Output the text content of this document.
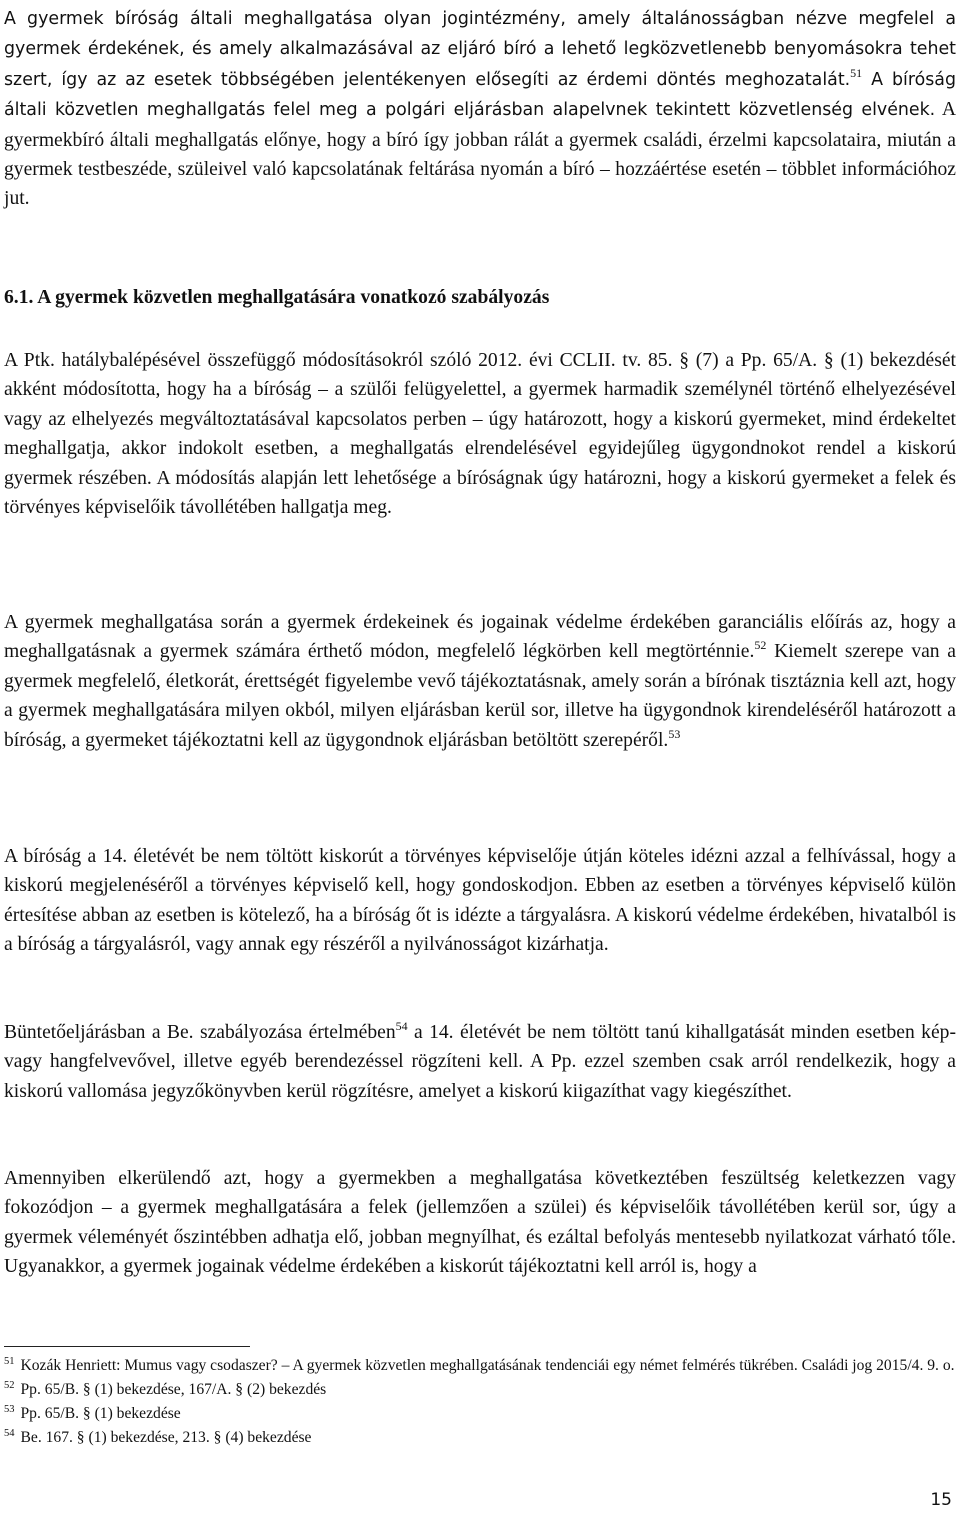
A gyermek bíróság általi meghallgatása olyan jogintézmény, amely általánosságban nézve megfelel a gyermek érdekének, és amely alkalmazásával az eljáró bíró a lehető legközvetlenebb benyomásokra tehet szert, így az az esetek többségében jelentékenyen elősegíti az érdemi döntés meghozatalát.$^{51}$ A bíróság általi közvetlen meghallgatás felel meg a polgári eljárásban alapelvnek tekintett közvetlenség elvének. A gyermekbíró általi meghallgatás előnye, hogy a bíró így jobban rálát a gyermek családi, érzelmi kapcsolataira, miután a gyermek testbeszéde, szüleivel való kapcsolatának feltárása nyomán a bíró – hozzáértése esetén – többlet információhoz jut.

6.1. A gyermek közvetlen meghallgatására vonatkozó szabályozás

A Ptk. hatálybalépésével összefüggő módosításokról szóló 2012. évi CCLII. tv. 85. § (7) a Pp. 65/A. § (1) bekezdését akként módosította, hogy ha a bíróság – a szülői felügyelettel, a gyermek harmadik személynél történő elhelyezésével vagy az elhelyezés megváltoztatásával kapcsolatos perben – úgy határozott, hogy a kiskorú gyermeket, mind érdekeltet meghallgatja, akkor indokolt esetben, a meghallgatás elrendelésével egyidejűleg ügygondnokot rendel a kiskorú gyermek részében. A módosítás alapján lett lehetősége a bíróságnak úgy határozni, hogy a kiskorú gyermeket a felek és törvényes képviselőik távollétében hallgatja meg.

A gyermek meghallgatása során a gyermek érdekeinek és jogainak védelme érdekében garanciális előírás az, hogy a meghallgatásnak a gyermek számára érthető módon, megfelelő légkörben kell megtörténnie.$^{52}$ Kiemelt szerepe van a gyermek megfelelő, életkorát, érettségét figyelembe vevő tájékoztatásnak, amely során a bírónak tisztáznia kell azt, hogy a gyermek meghallgatására milyen okból, milyen eljárásban kerül sor, illetve ha ügygondnok kirendeléséről határozott a bíróság, a gyermeket tájékoztatni kell az ügygondnok eljárásban betöltött szerepéről.$^{53}$

A bíróság a 14. életévét be nem töltött kiskorút a törvényes képviselője útján köteles idézni azzal a felhívással, hogy a kiskorú megjelenéséről a törvényes képviselő kell, hogy gondoskodjon. Ebben az esetben a törvényes képviselő külön értesítése abban az esetben is kötelező, ha a bíróság őt is idézte a tárgyalásra. A kiskorú védelme érdekében, hivatalból is a bíróság a tárgyalásról, vagy annak egy részéről a nyilvánosságot kizárhatja.

Büntetőeljárásban a Be. szabályozása értelmében$^{54}$ a 14. életévét be nem töltött tanú kihallgatását minden esetben kép- vagy hangfelvevővel, illetve egyéb berendezéssel rögzíteni kell. A Pp. ezzel szemben csak arról rendelkezik, hogy a kiskorú vallomása jegyzőkönyvben kerül rögzítésre, amelyet a kiskorú kiigazíthat vagy kiegészíthet.

Amennyiben elkerülendő azt, hogy a gyermekben a meghallgatása következtében feszültség keletkezzen vagy fokozódjon – a gyermek meghallgatására a felek (jellemzően a szülei) és képviselőik távollétében kerül sor, úgy a gyermek véleményét őszintébben adhatja elő, jobban megnyílhat, és ezáltal befolyás mentesebb nyilatkozat várható tőle. Ugyanakkor, a gyermek jogainak védelme érdekében a kiskorút tájékoztatni kell arról is, hogy a

$^{51}$ Kozák Henriett: Mumus vagy csodaszer? – A gyermek közvetlen meghallgatásának tendenciái egy német felmérés tükrében. Családi jog 2015/4. 9. o.

$^{52}$ Pp. 65/B. § (1) bekezdése, 167/A. § (2) bekezdés

$^{53}$ Pp. 65/B. § (1) bekezdése

$^{54}$ Be. 167. § (1) bekezdése, 213. § (4) bekezdése

15
